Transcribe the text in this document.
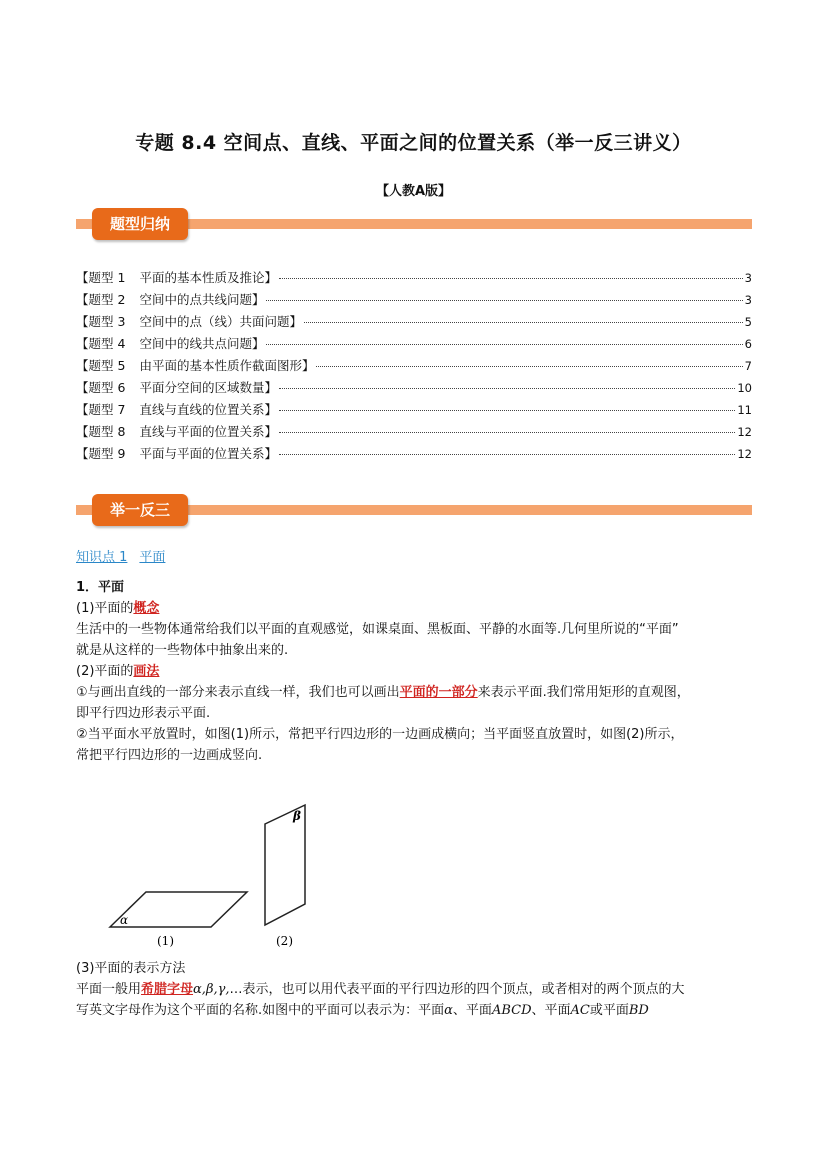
专题 8.4 空间点、直线、平面之间的位置关系（举一反三讲义）
【人教A版】
题型归纳
【题型 1 平面的基本性质及推论】	3
【题型 2 空间中的点共线问题】	3
【题型 3 空间中的点（线）共面问题】	5
【题型 4 空间中的线共点问题】	6
【题型 5 由平面的基本性质作截面图形】	7
【题型 6 平面分空间的区域数量】	10
【题型 7 直线与直线的位置关系】	11
【题型 8 直线与平面的位置关系】	12
【题型 9 平面与平面的位置关系】	12
举一反三
知识点 1 平面
1．平面
(1)平面的概念
生活中的一些物体通常给我们以平面的直观感觉，如课桌面、黑板面、平静的水面等.几何里所说的“平面”
就是从这样的一些物体中抽象出来的.
(2)平面的画法
①与画出直线的一部分来表示直线一样，我们也可以画出平面的一部分来表示平面.我们常用矩形的直观图，
即平行四边形表示平面.
②当平面水平放置时，如图(1)所示，常把平行四边形的一边画成横向；当平面竖直放置时，如图(2)所示，
常把平行四边形的一边画成竖向.
α
(1)
β
(2)
(3)平面的表示方法
平面一般用希腊字母α,β,γ,…表示，也可以用代表平面的平行四边形的四个顶点，或者相对的两个顶点的大
写英文字母作为这个平面的名称.如图中的平面可以表示为：平面α、平面ABCD、平面AC或平面BD
